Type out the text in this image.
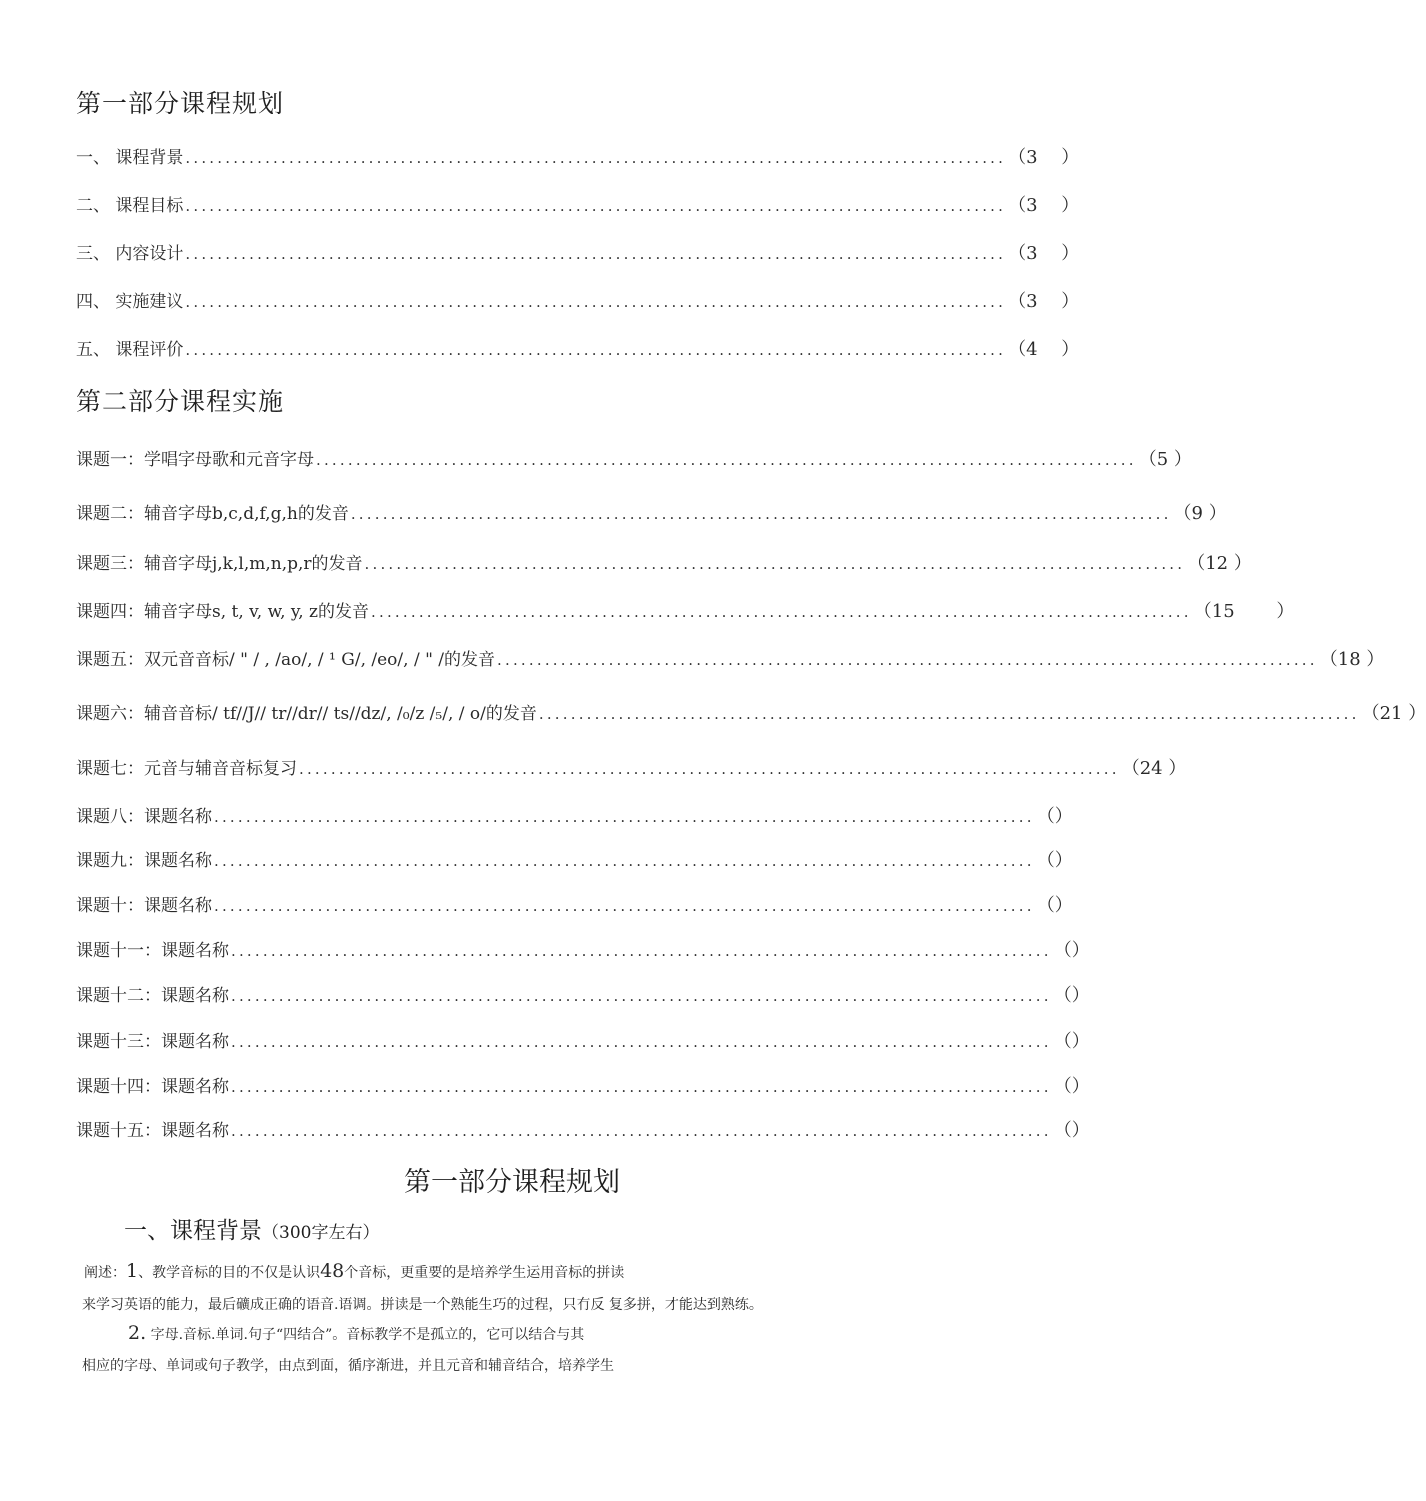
第一部分课程规划
一、 课程背景 ....................................................................................................... （3　 ）
二、 课程目标 ....................................................................................................... （3　 ）
三、 内容设计 ....................................................................................................... （3　 ）
四、 实施建议 ....................................................................................................... （3　 ）
五、 课程评价 ....................................................................................................... （4　 ）
第二部分课程实施
课题一：学唱字母歌和元音字母 ....................................................................................................... （5 ）
课题二：辅音字母b,c,d,f,g,h的发音 ....................................................................................................... （9 ）
课题三：辅音字母j,k,l,m,n,p,r的发音 ....................................................................................................... （12 ）
课题四：辅音字母s, t, v, w, y, z的发音 ....................................................................................................... （15　　 ）
课题五：双元音音标/ " / , /ao/, / ¹ G/, /eo/, / " /的发音 ....................................................................................................... （18 ）
课题六：辅音音标/ tf//J// tr//dr// ts//dz/, /₀/z /₅/, / o/的发音 ....................................................................................................... （21 ）
课题七：元音与辅音音标复习 ....................................................................................................... （24 ）
课题八：课题名称 ....................................................................................................... （）
课题九：课题名称 ....................................................................................................... （）
课题十：课题名称 ....................................................................................................... （）
课题十一：课题名称 ....................................................................................................... （）
课题十二：课题名称 ....................................................................................................... （）
课题十三：课题名称 ....................................................................................................... （）
课题十四：课题名称 ....................................................................................................... （）
课题十五：课题名称 ....................................................................................................... （）
第一部分课程规划
一、课程背景（300字左右）
阐述：1、教学音标的目的不仅是认识48个音标，更重要的是培养学生运用音标的拼读
来学习英语的能力，最后礦成正确的语音.语调。拼读是一个熟能生巧的过程，只冇反 复多拼，才能达到熟练。
2. 字母.音标.单词.句子“四结合”。音标教学不是孤立的，它可以结合与其
相应的字母、单词或句子教学，由点到面，循序渐进，并且元音和辅音结合，培养学生
